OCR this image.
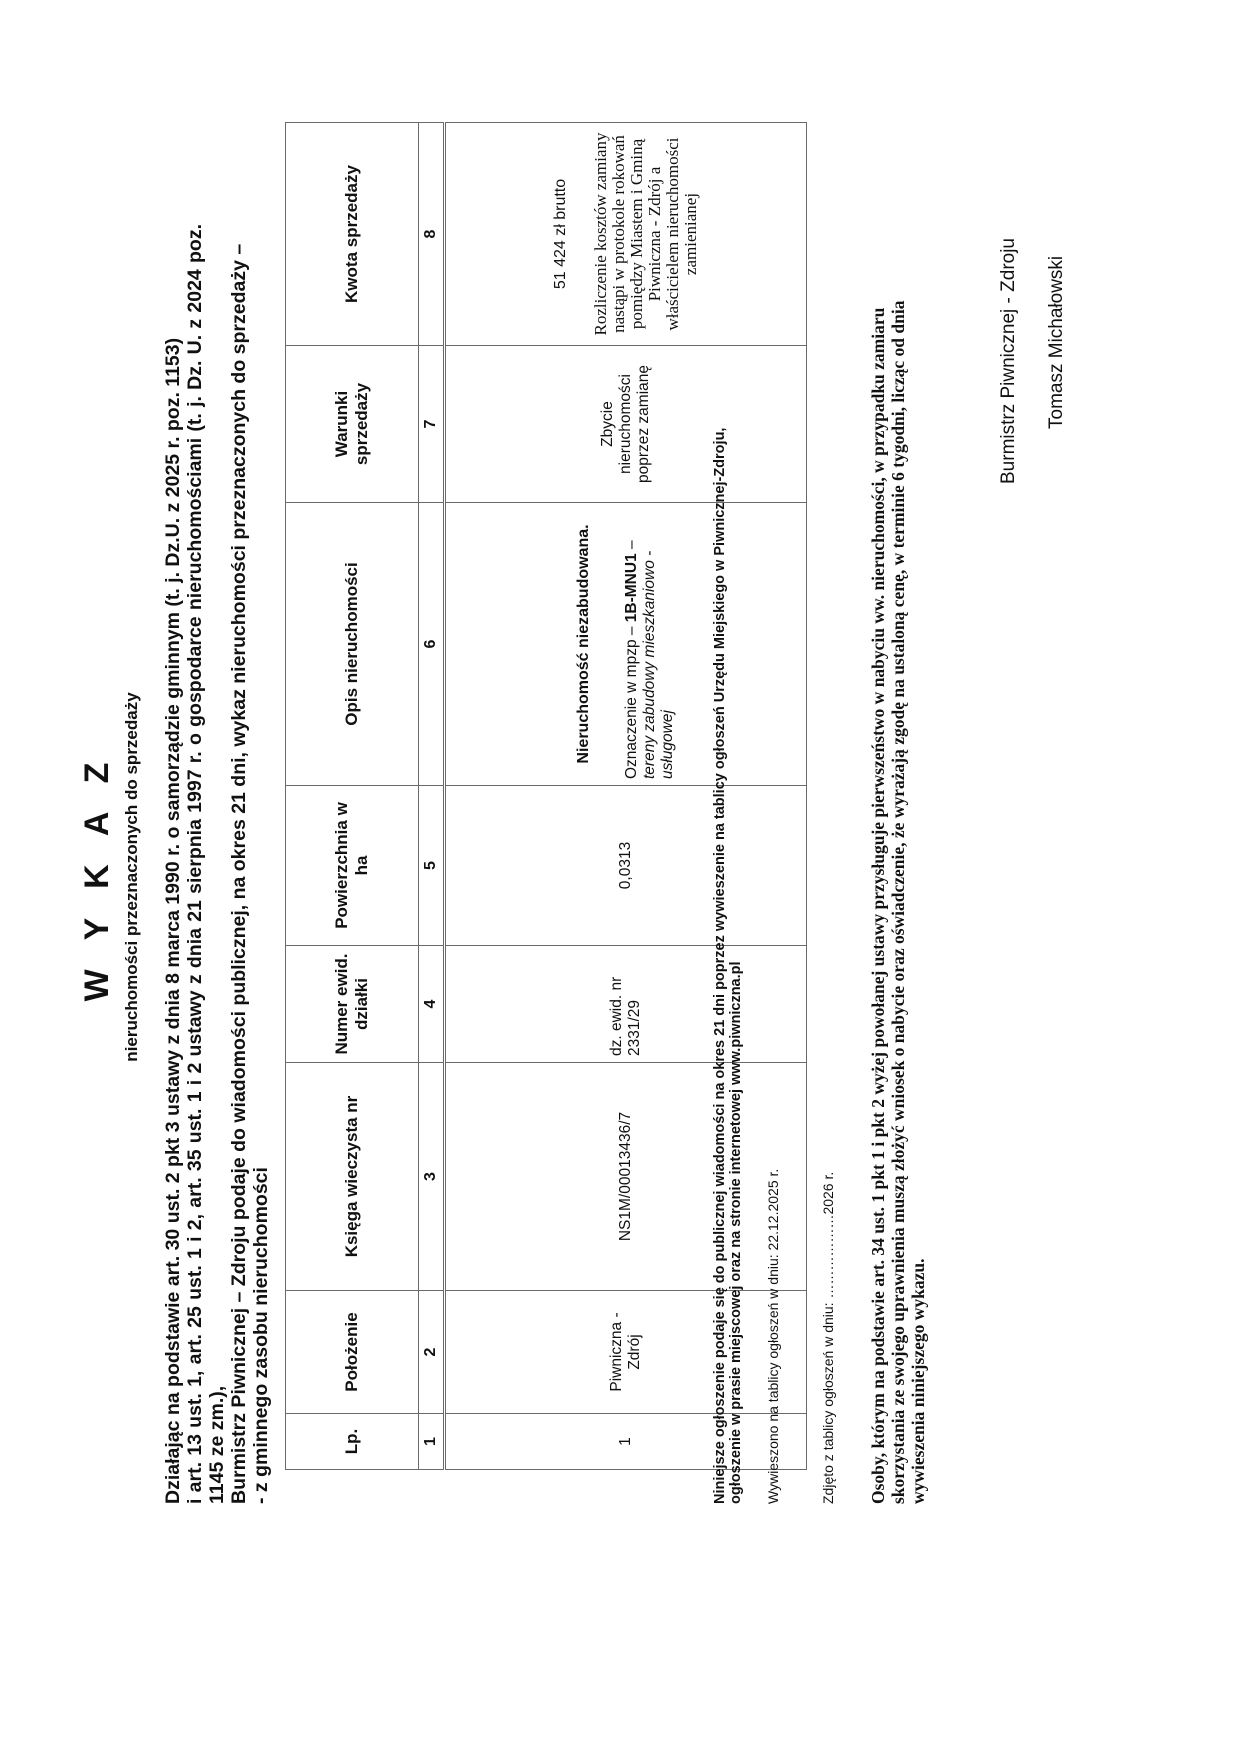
W Y K A Z nieruchomości przeznaczonych do sprzedaży Działając na podstawie art. 30 ust. 2 pkt 3 ustawy z dnia 8 marca 1990 r. o samorządzie gminnym (t. j. Dz.U. z 2025 r. poz. 1153) i art. 13 ust. 1, art. 25 ust. 1 i 2, art. 35 ust. 1 i 2 ustawy z dnia 21 sierpnia 1997 r. o gospodarce nieruchomościami (t. j. Dz. U. z 2024 poz. 1145 ze zm.), Burmistrz Piwnicznej – Zdroju podaje do wiadomości publicznej, na okres 21 dni, wykaz nieruchomości przeznaczonych do sprzedaży – - z gminnego zasobu nieruchomości	Lp.	Położenie	Księga wieczysta nr	Numer ewid. działki	Powierzchnia w ha	Opis nieruchomości	Warunki sprzedaży	Kwota sprzedaży
1	2	3	4	5	6	7	8
1	Piwniczna - Zdrój	NS1M/00013436/7	dz. ewid. nr 2331/29	0,0313	Nieruchomość niezabudowana. Oznaczenie w mpzp – 1B-MNU1 – tereny zabudowy mieszkaniowo - usługowej	Zbycie nieruchomości poprzez zamianę	51 424 zł brutto Rozliczenie kosztów zamiany nastąpi w protokole rokowań pomiędzy Miastem i Gminą Piwniczna - Zdrój a właścicielem nieruchomości zamienianej
Niniejsze ogłoszenie podaje się do publicznej wiadomości na okres 21 dni poprzez wywieszenie na tablicy ogłoszeń Urzędu Miejskiego w Piwnicznej-Zdroju, ogłoszenie w prasie miejscowej oraz na stronie internetowej www.piwniczna.pl Wywieszono na tablicy ogłoszeń w dniu: 22.12.2025 r.	Zdjęto z tablicy ogłoszeń w dniu: ………………2026 r. Osoby, którym na podstawie art. 34 ust. 1 pkt 1 i pkt 2 wyżej powołanej ustawy przysługuje pierwszeństwo w nabyciu ww. nieruchomości, w przypadku zamiaru skorzystania ze swojego uprawnienia muszą złożyć wniosek o nabycie oraz oświadczenie, że wyrażają zgodę na ustaloną cenę, w terminie 6 tygodni, licząc od dnia wywieszenia niniejszego wykazu.
Burmistrz Piwnicznej - Zdroju Tomasz Michałowski
